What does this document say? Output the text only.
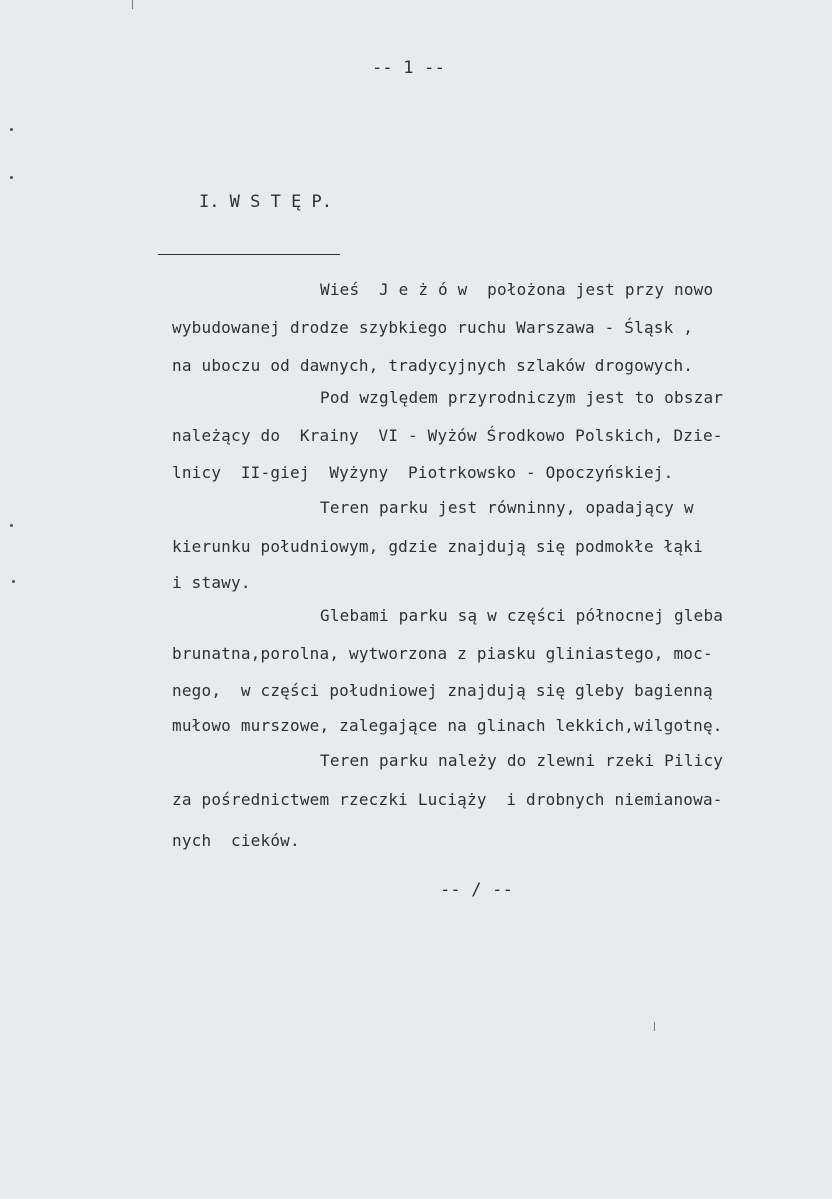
-- 1 --

I. W S T Ę P.

Wieś  J e ż ó w  położona jest przy nowo
wybudowanej drodze szybkiego ruchu Warszawa - Śląsk ,
na uboczu od dawnych, tradycyjnych szlaków drogowych.
Pod względem przyrodniczym jest to obszar
należący do  Krainy  VI - Wyżów Środkowo Polskich, Dzie-
lnicy  II-giej  Wyżyny  Piotrkowsko - Opoczyńskiej.
Teren parku jest równinny, opadający w
kierunku południowym, gdzie znajdują się podmokłe łąki
i stawy.
Glebami parku są w części północnej gleba
brunatna,porolna, wytworzona z piasku gliniastego, moc-
nego,  w części południowej znajdują się gleby bagienną
mułowo murszowe, zalegające na glinach lekkich,wilgotnę.
Teren parku należy do zlewni rzeki Pilicy
za pośrednictwem rzeczki Luciąży  i drobnych niemianowa-
nych  cieków.
-- / --
